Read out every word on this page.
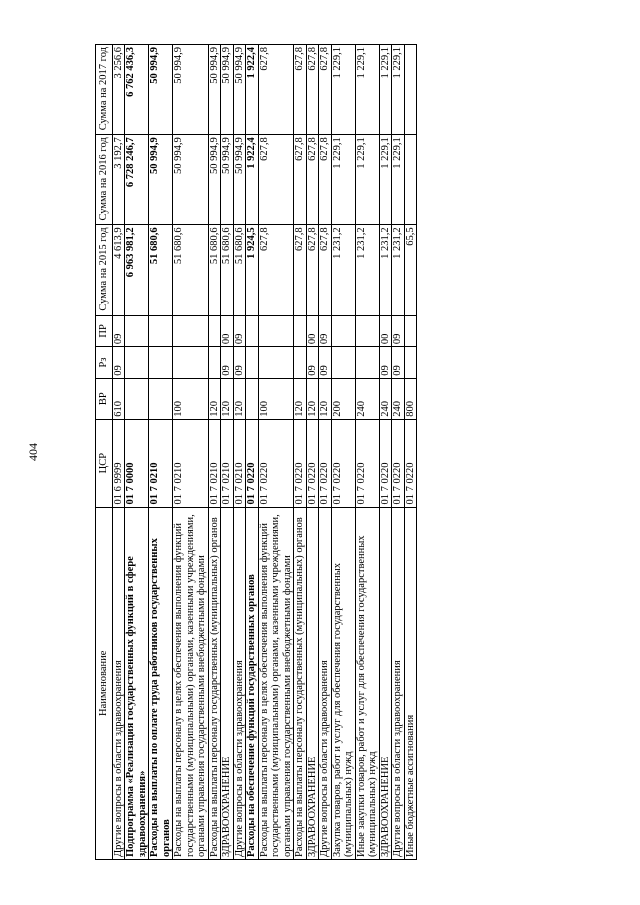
404
Наименование	ЦСР	ВР	Рз	ПР	Сумма на 2015 год	Сумма на 2016 год	Сумма на 2017 год
Другие вопросы в области здравоохранения	01 6 9999	610	09	09	4 613,9	3 192,7	3 256,6
Подпрограмма «Реализация государственных функций в сфере здравоохранения»	01 7 0000				6 963 981,2	6 728 246,7	6 762 436,3
Расходы на выплаты по оплате труда работников государственных органов	01 7 0210				51 680,6	50 994,9	50 994,9
Расходы на выплаты персоналу в целях обеспечения выполнения функций государственными (муниципальными) органами, казенными учреждениями, органами управления государственными внебюджетными фондами	01 7 0210	100			51 680,6	50 994,9	50 994,9
Расходы на выплаты персоналу государственных (муниципальных) органов	01 7 0210	120			51 680,6	50 994,9	50 994,9
ЗДРАВООХРАНЕНИЕ	01 7 0210	120	09	00	51 680,6	50 994,9	50 994,9
Другие вопросы в области здравоохранения	01 7 0210	120	09	09	51 680,6	50 994,9	50 994,9
Расходы на обеспечение функций государственных органов	01 7 0220				1 924,5	1 922,4	1 922,4
Расходы на выплаты персоналу в целях обеспечения выполнения функций государственными (муниципальными) органами, казенными учреждениями, органами управления государственными внебюджетными фондами	01 7 0220	100			627,8	627,8	627,8
Расходы на выплаты персоналу государственных (муниципальных) органов	01 7 0220	120			627,8	627,8	627,8
ЗДРАВООХРАНЕНИЕ	01 7 0220	120	09	00	627,8	627,8	627,8
Другие вопросы в области здравоохранения	01 7 0220	120	09	09	627,8	627,8	627,8
Закупка товаров, работ и услуг для обеспечения государственных (муниципальных) нужд	01 7 0220	200			1 231,2	1 229,1	1 229,1
Иные закупки товаров, работ и услуг для обеспечения государственных (муниципальных) нужд	01 7 0220	240			1 231,2	1 229,1	1 229,1
ЗДРАВООХРАНЕНИЕ	01 7 0220	240	09	00	1 231,2	1 229,1	1 229,1
Другие вопросы в области здравоохранения	01 7 0220	240	09	09	1 231,2	1 229,1	1 229,1
Иные бюджетные ассигнования	01 7 0220	800			65,5		
